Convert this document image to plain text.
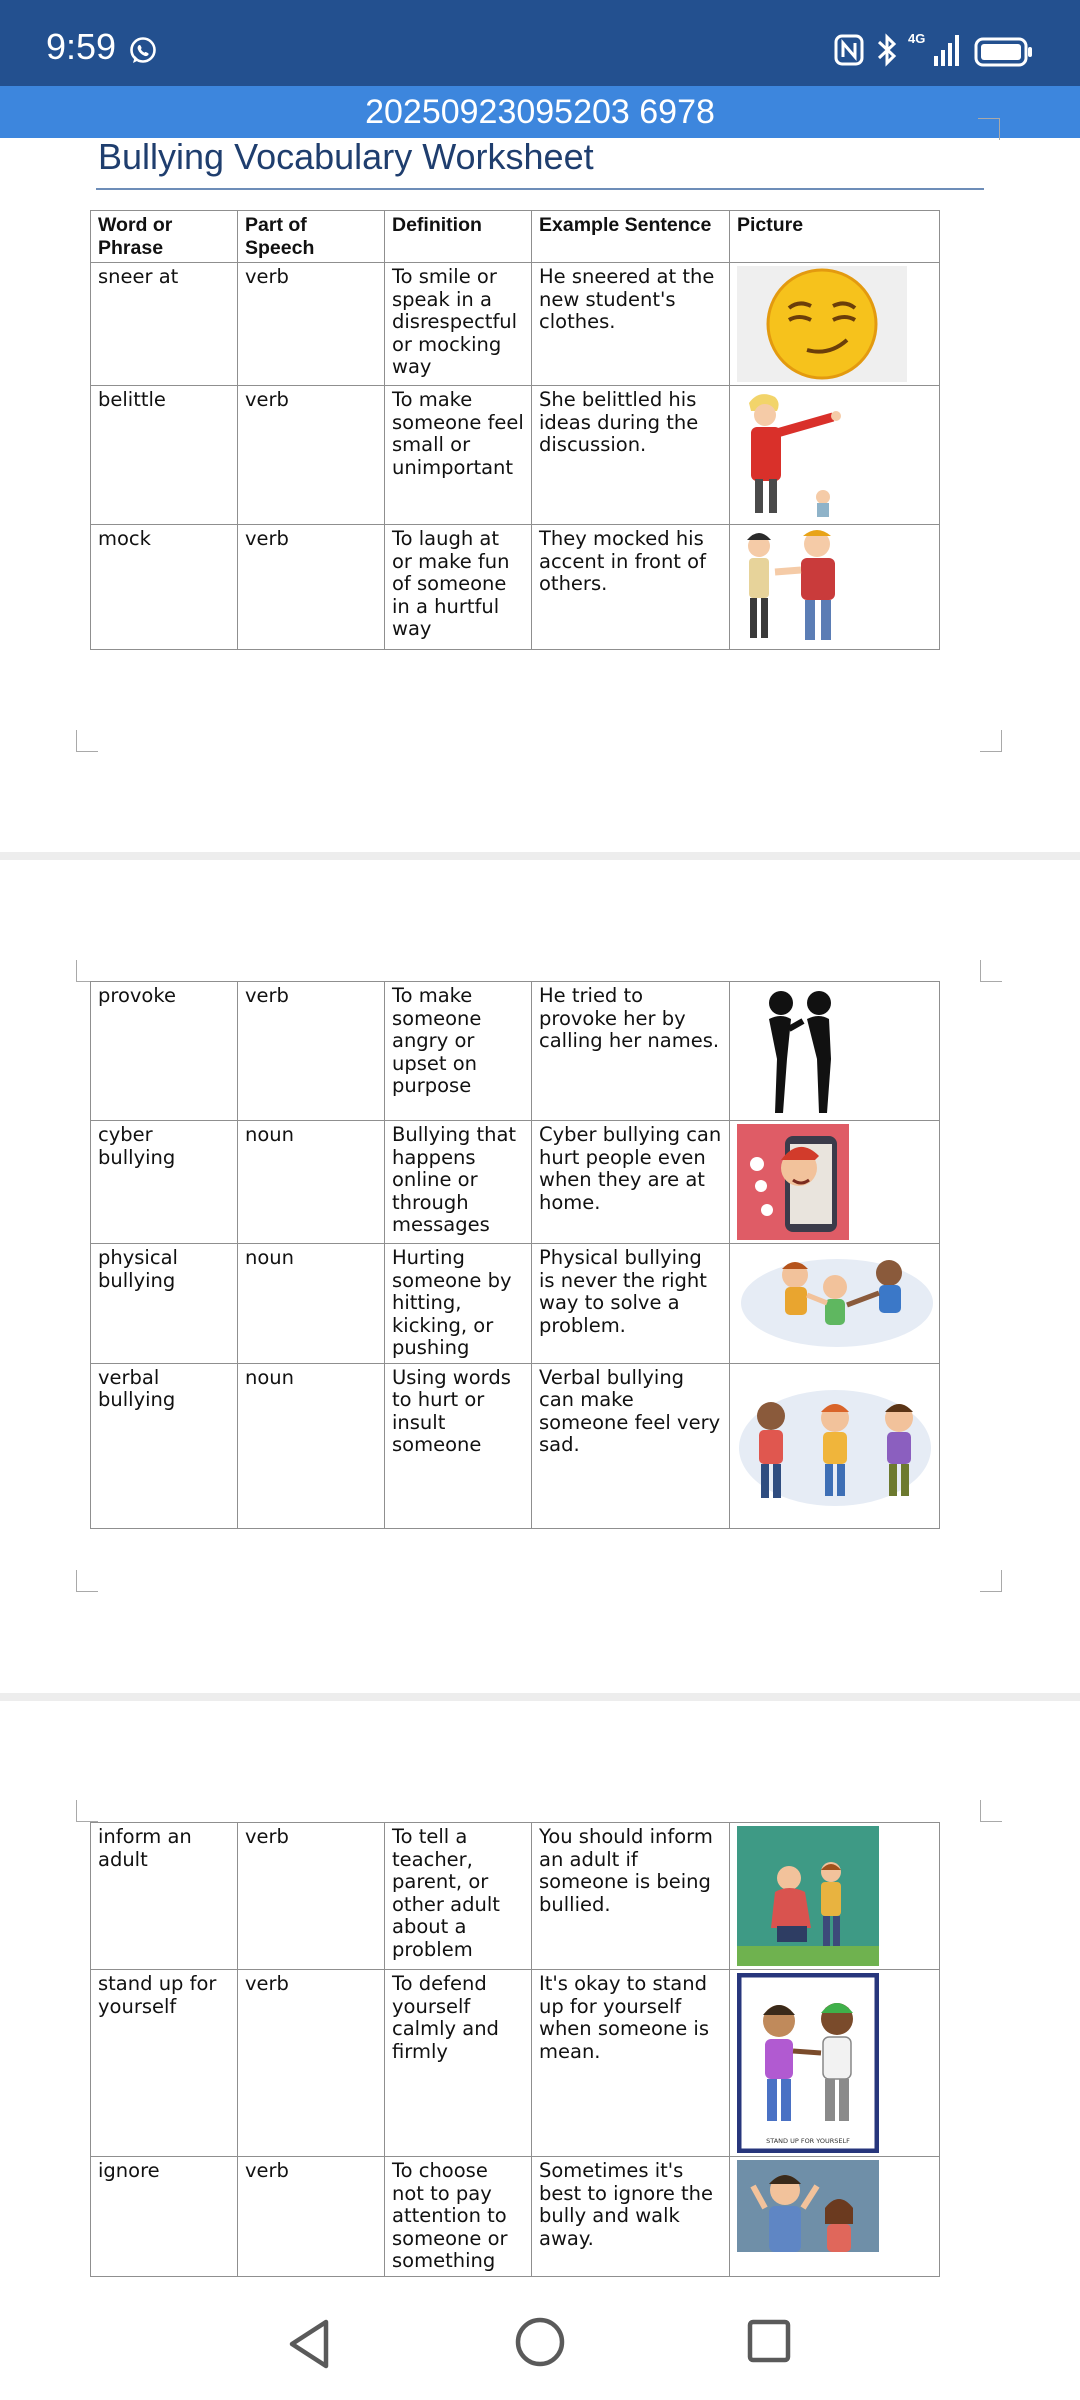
9:59	4G
20250923095203 6978
Bullying Vocabulary Worksheet
Word or Phrase	Part of Speech	Definition	Example Sentence	Picture
sneer at	verb	To smile or speak in a disrespectful or mocking way	He sneered at the new student's clothes.	

belittle	verb	To make someone feel small or unimportant	She belittled his ideas during the discussion.	

mock	verb	To laugh at or make fun of someone in a hurtful way	They mocked his accent in front of others.	
provoke	verb	To make someone angry or upset on purpose	He tried to provoke her by calling her names.	

cyber bullying	noun	Bullying that happens online or through messages	Cyber bullying can hurt people even when they are at home.	

physical bullying	noun	Hurting someone by hitting, kicking, or pushing	Physical bullying is never the right way to solve a problem.	

verbal bullying	noun	Using words to hurt or insult someone	Verbal bullying can make someone feel very sad.	
inform an adult	verb	To tell a teacher, parent, or other adult about a problem	You should inform an adult if someone is being bullied.	

stand up for yourself	verb	To defend yourself calmly and firmly	It's okay to stand up for yourself when someone is mean.	STAND UP FOR YOURSELF

ignore	verb	To choose not to pay attention to someone or something	Sometimes it's best to ignore the bully and walk away.	
